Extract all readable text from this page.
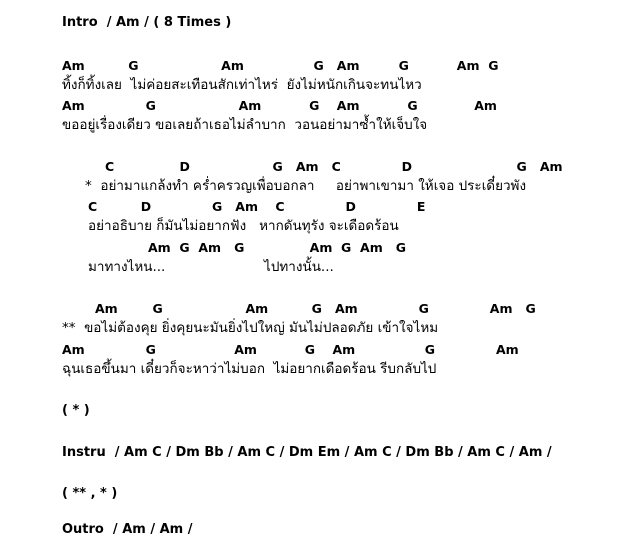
Intro  / Am / ( 8 Times )
Am          G                   Am                G   Am         G           Am  G
ทิ้งก็ทิ้งเลย  ไม่ค่อยสะเทือนสักเท่าไหร่  ยังไม่หนักเกินจะทนไหว
Am              G                   Am           G    Am           G             Am
ขออยู่เรื่องเดียว ขอเลยถ้าเธอไม่ลำบาก  วอนอย่ามาซ้ำให้เจ็บใจ
C               D                   G   Am   C              D                        G   Am
*  อย่ามาแกล้งทำ คร่ำครวญเพื่อบอกลา     อย่าพาเขามา ให้เจอ ประเดี๋ยวพัง
C          D              G   Am    C              D              E
อย่าอธิบาย ก็มันไม่อยากฟัง   หากดันทุรัง จะเดือดร้อน
Am  G  Am   G               Am  G  Am   G
มาทางไหน...                       ไปทางนั้น...
Am        G                   Am          G   Am              G              Am   G
**  ขอไม่ต้องคุย ยิ่งคุยนะมันยิ่งไปใหญ่ มันไม่ปลอดภัย เข้าใจไหม
Am              G                  Am           G    Am                G              Am
ฉุนเธอขึ้นมา เดี๋ยวก็จะหาว่าไม่บอก  ไม่อยากเดือดร้อน รีบกลับไป
( * )
Instru  / Am C / Dm Bb / Am C / Dm Em / Am C / Dm Bb / Am C / Am /
( ** , * )
Outro  / Am / Am /
